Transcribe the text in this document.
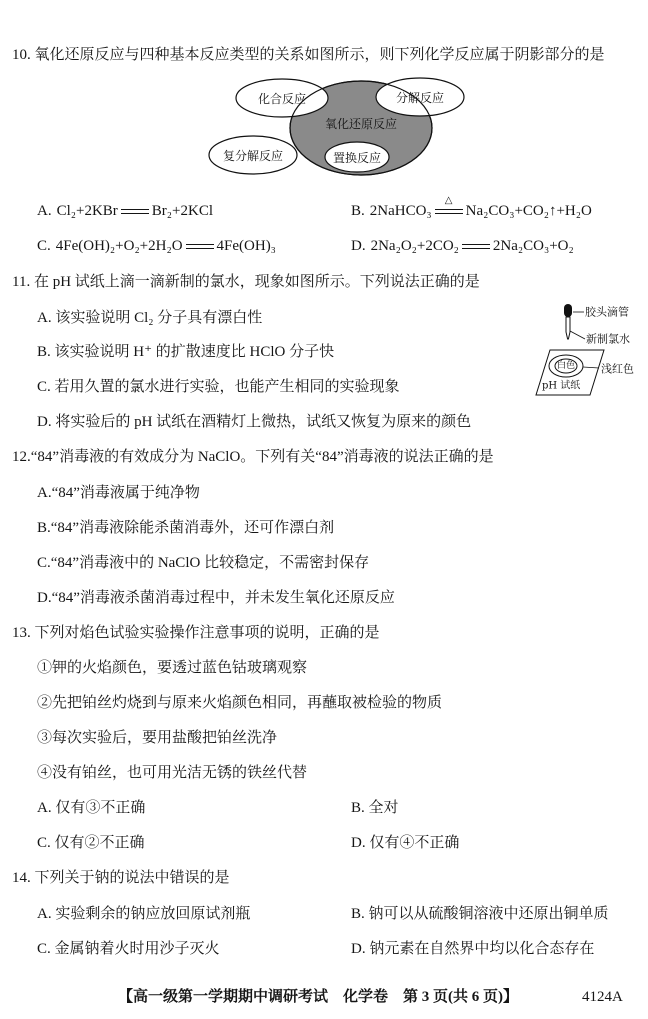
10. 氧化还原反应与四种基本反应类型的关系如图所示，则下列化学反应属于阴影部分的是
化合反应	分解反应
氧化还原反应
复分解反应	置换反应
A. Cl₂+2KBr Br₂+2KCl	B. 2NaHCO₃
△
Na₂CO₃+CO₂↑+H₂O
C. 4Fe(OH)₂+O₂+2H₂O 4Fe(OH)₃	D. 2Na₂O₂+2CO₂ 2Na₂CO₃+O₂
11. 在 pH 试纸上滴一滴新制的氯水，现象如图所示。下列说法正确的是
A. 该实验说明 Cl₂ 分子具有漂白性
B. 该实验说明 H⁺ 的扩散速度比 HClO 分子快
C. 若用久置的氯水进行实验，也能产生相同的实验现象
D. 将实验后的 pH 试纸在酒精灯上微热，试纸又恢复为原来的颜色
胶头滴管
新制氯水
白色 浅红色
pH 试纸
12.“84”消毒液的有效成分为 NaClO。下列有关“84”消毒液的说法正确的是
A.“84”消毒液属于纯净物
B.“84”消毒液除能杀菌消毒外，还可作漂白剂
C.“84”消毒液中的 NaClO 比较稳定，不需密封保存
D.“84”消毒液杀菌消毒过程中，并未发生氧化还原反应
13. 下列对焰色试验实验操作注意事项的说明，正确的是
①钾的火焰颜色，要透过蓝色钴玻璃观察
②先把铂丝灼烧到与原来火焰颜色相同，再蘸取被检验的物质
③每次实验后，要用盐酸把铂丝洗净
④没有铂丝，也可用光洁无锈的铁丝代替
A. 仅有③不正确	B. 全对
C. 仅有②不正确	D. 仅有④不正确
14. 下列关于钠的说法中错误的是
A. 实验剩余的钠应放回原试剂瓶	B. 钠可以从硫酸铜溶液中还原出铜单质
C. 金属钠着火时用沙子灭火	D. 钠元素在自然界中均以化合态存在
【高一级第一学期期中调研考试　化学卷　第 3 页(共 6 页)】	4124A
